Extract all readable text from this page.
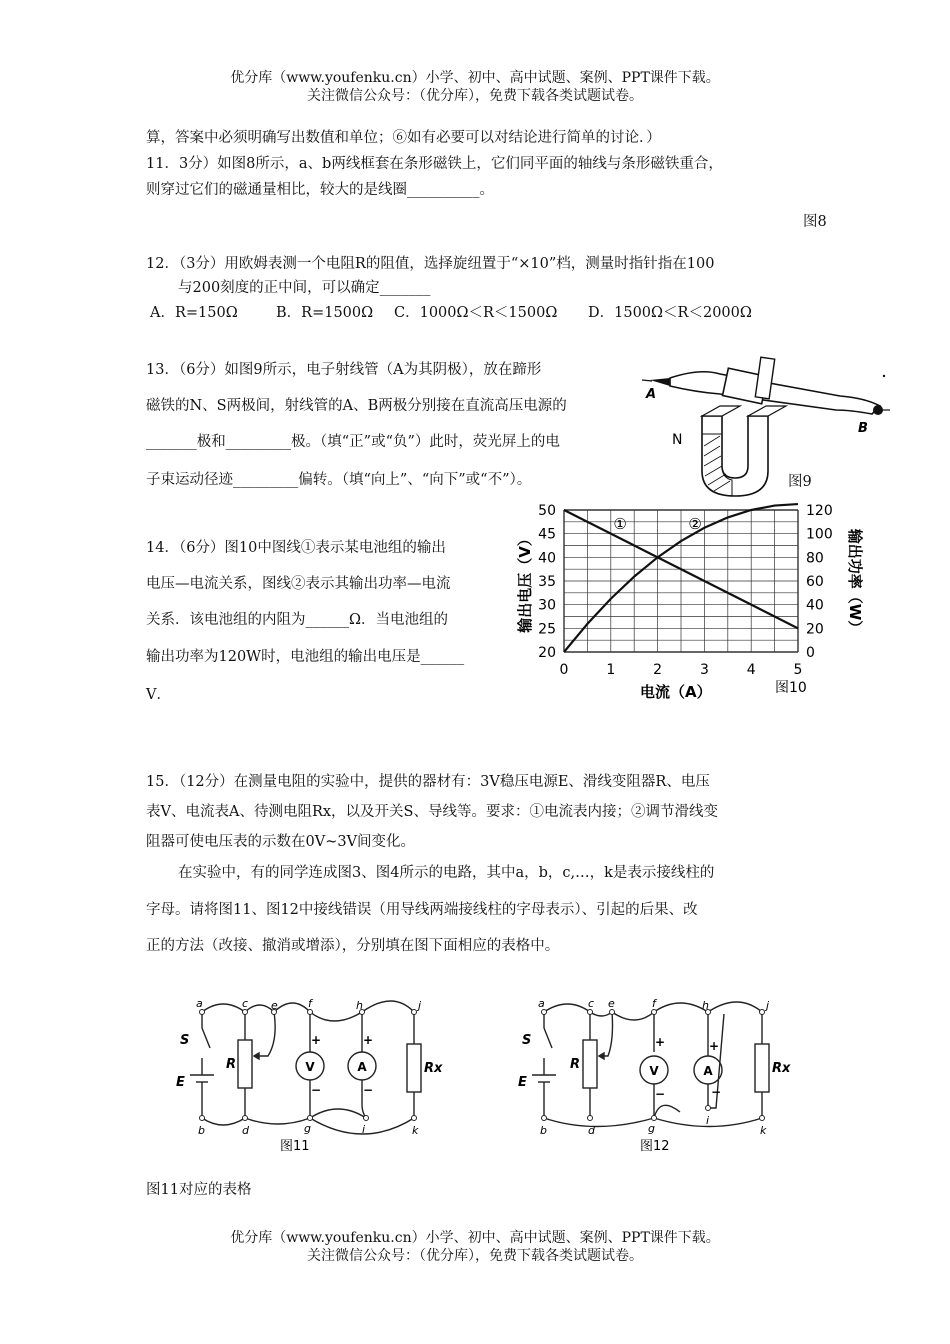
优分库（www.youfenku.cn）小学、初中、高中试题、案例、PPT课件下载。
关注微信公众号：（优分库），免费下载各类试题试卷。
算，答案中必须明确写出数值和单位；⑥如有必要可以对结论进行简单的讨论．）
11．3分）如图8所示，a、b两线框套在条形磁铁上，它们同平面的轴线与条形磁铁重合，
则穿过它们的磁通量相比，较大的是线圈__________。
图8
12．（3分）用欧姆表测一个电阻R的阻值，选择旋纽置于“×10”档，测量时指针指在100
与200刻度的正中间，可以确定_______
A．R=150Ω	B．R=1500Ω C．1000Ω＜R＜1500Ω D．1500Ω＜R＜2000Ω
13．（6分）如图9所示，电子射线管（A为其阴极），放在蹄形
磁铁的N、S两极间，射线管的A、B两极分别接在直流高压电源的
_______极和_________极。（填“正”或“负”）此时，荧光屏上的电
子束运动径迹_________偏转。（填“向上”、“向下”或“不”）。
A
B
N
图9
14．（6分）图10中图线①表示某电池组的输出
电压—电流关系，图线②表示其输出功率—电流
关系．该电池组的内阻为______Ω．当电池组的
输出功率为120W时，电池组的输出电压是______
V．
0	1	2	3	4	5
20
25
30
35
40
45
50
0
20
40
60
80
100
120
①	②
电流（A）	图10
输出电压（V）	输出功率（W）
15．（12分）在测量电阻的实验中，提供的器材有：3V稳压电源E、滑线变阻器R、电压
表V、电流表A、待测电阻Rx，以及开关S、导线等。要求：①电流表内接；②调节滑线变
阻器可使电压表的示数在0V~3V间变化。
在实验中，有的同学连成图3、图4所示的电路，其中a，b，c,…，k是表示接线柱的
字母。请将图11、图12中接线错误（用导线两端接线柱的字母表示）、引起的后果、改
正的方法（改接、撤消或增添），分别填在图下面相应的表格中。
a	c e	f	h	j
b	d	g	i	k
S
E
R	Rx
V	A
+
−
+
−
图11
a	c e	f	h	j
b	d	g
i
k
S
E
R	Rx
V	A
+
−
+
−
图12
图11对应的表格
优分库（www.youfenku.cn）小学、初中、高中试题、案例、PPT课件下载。
关注微信公众号：（优分库），免费下载各类试题试卷。
